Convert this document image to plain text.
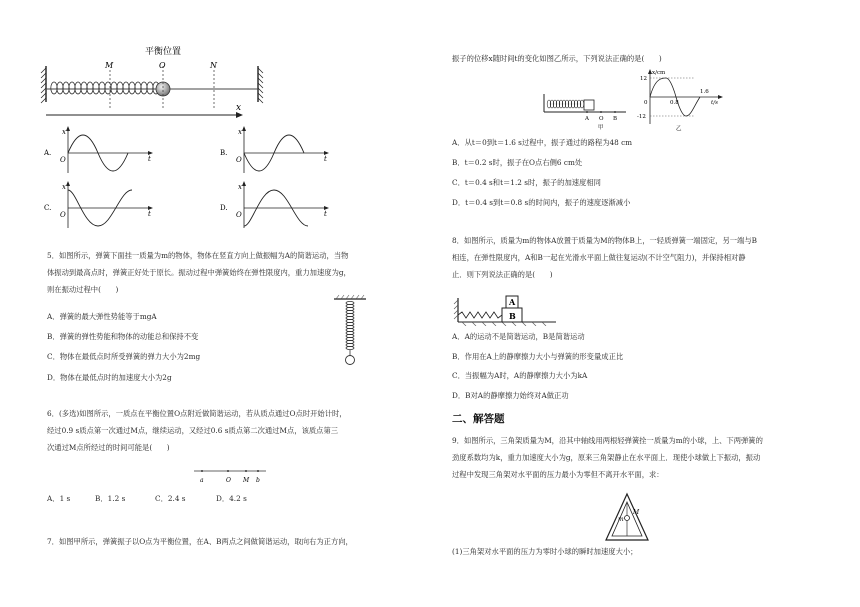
平衡位置
M	O	N
x
A.
x
t
O
B.
x
t
O
C.
x
t
O
D.
x
t
O
5．如图所示，弹簧下面挂一质量为m的物体，物体在竖直方向上做振幅为A的简谐运动，当物
体振动到最高点时，弹簧正好处于原长。振动过程中弹簧始终在弹性限度内，重力加速度为g，
则在振动过程中(　　)
A．弹簧的最大弹性势能等于mgA
B．弹簧的弹性势能和物体的动能总和保持不变
C．物体在最低点时所受弹簧的弹力大小为2mg
D．物体在最低点时的加速度大小为2g
6．(多选)如图所示，一质点在平衡位置O点附近做简谐运动，若从质点通过O点时开始计时，
经过0.9 s质点第一次通过M点，继续运动，又经过0.6 s质点第二次通过M点，该质点第三
次通过M点所经过的时间可能是(　　)
a	O M b
A．1 s	B．1.2 s	C．2.4 s	D．4.2 s
7．如图甲所示，弹簧振子以O点为平衡位置，在A、B两点之间做简谐运动，取向右为正方向，
振子的位移x随时间t的变化如图乙所示，下列说法正确的是(　　)
A O B
甲
x/cm
12
-12
0	0.8
1.6
t/s
乙
A．从t＝0到t＝1.6 s过程中，振子通过的路程为48 cm
B．t＝0.2 s时，振子在O点右侧6 cm处
C．t＝0.4 s和t＝1.2 s时，振子的加速度相同
D．t＝0.4 s到t＝0.8 s的时间内，振子的速度逐渐减小
8．如图所示，质量为m的物体A放置于质量为M的物体B上，一轻质弹簧一端固定，另一端与B
相连，在弹性限度内，A和B一起在光滑水平面上做往复运动(不计空气阻力)，并保持相对静
止．则下列说法正确的是(　　)
A
B
A．A的运动不是简谐运动，B是简谐运动
B．作用在A上的静摩擦力大小与弹簧的形变量成正比
C．当振幅为A时，A的静摩擦力大小为kA
D．B对A的静摩擦力始终对A做正功
二、解答题
9．如图所示，三角架质量为M，沿其中轴线用两根轻弹簧拴一质量为m的小球，上、下两弹簧的
劲度系数均为k，重力加速度大小为g，原来三角架静止在水平面上．现使小球做上下振动，振动
过程中发现三角架对水平面的压力最小为零但不离开水平面，求：
m
M
(1)三角架对水平面的压力为零时小球的瞬时加速度大小；
